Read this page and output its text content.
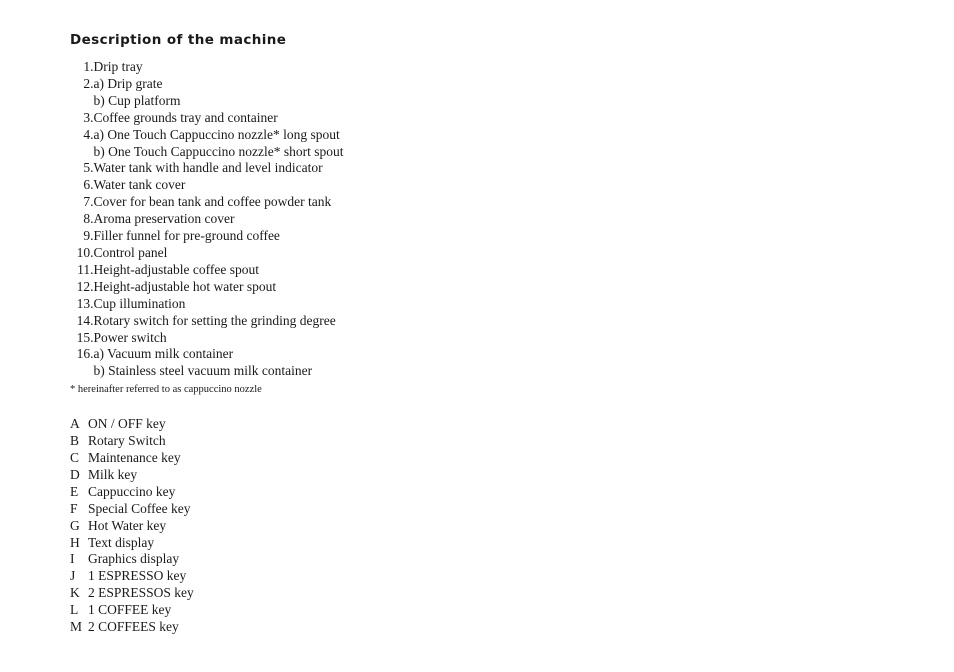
Description of the machine
1. Drip tray
2. a) Drip grate
b) Cup platform
3. Coffee grounds tray and container
4. a) One Touch Cappuccino nozzle* long spout
b) One Touch Cappuccino nozzle* short spout
5. Water tank with handle and level indicator
6. Water tank cover
7. Cover for bean tank and coffee powder tank
8. Aroma preservation cover
9. Filler funnel for pre-ground coffee
10. Control panel
11. Height-adjustable coffee spout
12. Height-adjustable hot water spout
13. Cup illumination
14. Rotary switch for setting the grinding degree
15. Power switch
16. a) Vacuum milk container
b) Stainless steel vacuum milk container
* hereinafter referred to as cappuccino nozzle
A ON / OFF key
B Rotary Switch
C Maintenance key
D Milk key
E Cappuccino key
F Special Coffee key
G Hot Water key
H Text display
I	Graphics display
J 1 ESPRESSO key
K 2 ESPRESSOS key
L 1 COFFEE key
M 2 COFFEES key
